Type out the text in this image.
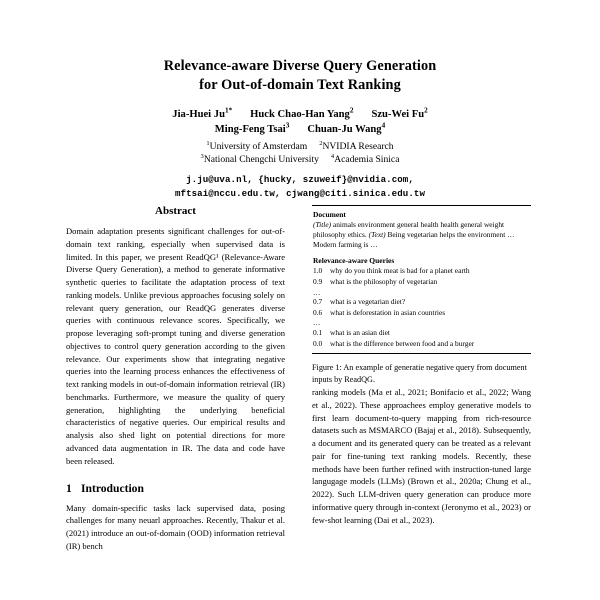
Relevance-aware Diverse Query Generation
for Out-of-domain Text Ranking
Jia-Huei $Ju^{1*}$ Huck Chao-Han Yang$^2$ Szu-Wei Fu$^2$
Ming-Feng Tsai$^3$ Chuan-Ju Wang$^4$
$^1$University of Amsterdam $^2$NVIDIA Research
$^3$National Chengchi University $^4$Academia Sinica
j.ju@uva.nl, {hucky, szuweif}@nvidia.com,
mftsai@nccu.edu.tw, cjwang@citi.sinica.edu.tw
Abstract

Domain adaptation presents significant challenges for out-of-domain text ranking, especially when supervised data is limited. In this paper, we present ReadQG¹ (Relevance-Aware Diverse Query Generation), a method to generate informative synthetic queries to facilitate the adaptation process of text ranking models. Unlike previous approaches focusing solely on relevant query generation, our ReadQG generates diverse queries with continuous relevance scores. Specifically, we propose leveraging soft-prompt tuning and diverse generation objectives to control query generation according to the given relevance. Our experiments show that integrating negative queries into the learning process enhances the effectiveness of text ranking models in out-of-domain information retrieval (IR) benchmarks. Furthermore, we measure the quality of query generation, highlighting the underlying beneficial characteristics of negative queries. Our empirical results and analysis also shed light on potential directions for more advanced data augmentation in IR. The data and code have been released.

1 Introduction

Many domain-specific tasks lack supervised data, posing challenges for many neuarl approaches. Recently, Thakur et al. (2021) introduce an out-of-domain (OOD) information retrieval (IR) bench

Document

(Title) animals environment general health health general weight philosophy ethics. (Text) Being vegetarian helps the environment … Modern farming is …

Relevance-aware Queries
1.0 why do you think meat is bad for a planet earth
0.9 what is the philosophy of vegetarian
…
0.7 what is a vegetarian diet?
0.6 what is deforestation in asian countries
…
0.1 what is an asian diet
0.0 what is the difference between food and a burger

Figure 1: An example of generatie negative query from document inputs by ReadQG.

ranking models (Ma et al., 2021; Bonifacio et al., 2022; Wang et al., 2022). These approachees employ generative models to first learn document-to-query mapping from rich-resource datasets such as MSMARCO (Bajaj et al., 2018). Subsequently, a document and its generated query can be treated as a relevant pair for fine-tuning text ranking models. Recently, these methods have been further refined with instruction-tuned large langugage models (LLMs) (Brown et al., 2020a; Chung et al., 2022). Such LLM-driven query generation can produce more informative query through in-context (Jeronymo et al., 2023) or few-shot learning (Dai et al., 2023).
